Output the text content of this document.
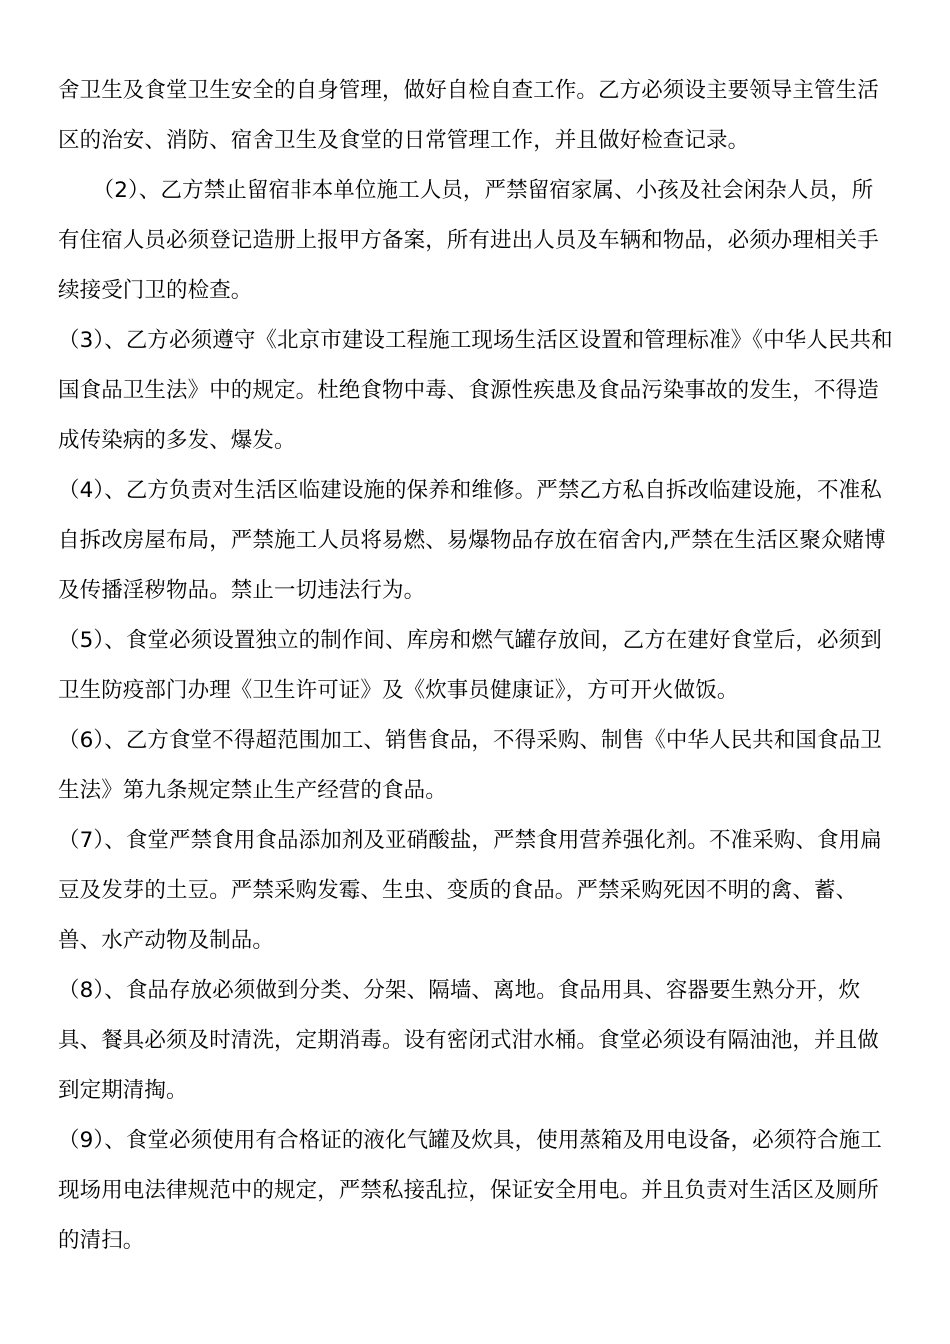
舍卫生及食堂卫生安全的自身管理，做好自检自查工作。乙方必须设主要领导主管生活区的治安、消防、宿舍卫生及食堂的日常管理工作，并且做好检查记录。

（2）、乙方禁止留宿非本单位施工人员，严禁留宿家属、小孩及社会闲杂人员，所有住宿人员必须登记造册上报甲方备案，所有进出人员及车辆和物品，必须办理相关手续接受门卫的检查。

（3）、乙方必须遵守《北京市建设工程施工现场生活区设置和管理标准》《中华人民共和国食品卫生法》中的规定。杜绝食物中毒、食源性疾患及食品污染事故的发生，不得造成传染病的多发、爆发。

（4）、乙方负责对生活区临建设施的保养和维修。严禁乙方私自拆改临建设施，不准私自拆改房屋布局，严禁施工人员将易燃、易爆物品存放在宿舍内,严禁在生活区聚众赌博及传播淫秽物品。禁止一切违法行为。

（5）、食堂必须设置独立的制作间、库房和燃气罐存放间，乙方在建好食堂后，必须到卫生防疫部门办理《卫生许可证》及《炊事员健康证》，方可开火做饭。

（6）、乙方食堂不得超范围加工、销售食品，不得采购、制售《中华人民共和国食品卫生法》第九条规定禁止生产经营的食品。

（7）、食堂严禁食用食品添加剂及亚硝酸盐，严禁食用营养强化剂。不准采购、食用扁豆及发芽的土豆。严禁采购发霉、生虫、变质的食品。严禁采购死因不明的禽、蓄、兽、水产动物及制品。

（8）、食品存放必须做到分类、分架、隔墙、离地。食品用具、容器要生熟分开，炊具、餐具必须及时清洗，定期消毒。设有密闭式泔水桶。食堂必须设有隔油池，并且做到定期清掏。

（9）、食堂必须使用有合格证的液化气罐及炊具，使用蒸箱及用电设备，必须符合施工现场用电法律规范中的规定，严禁私接乱拉，保证安全用电。并且负责对生活区及厕所的清扫。
